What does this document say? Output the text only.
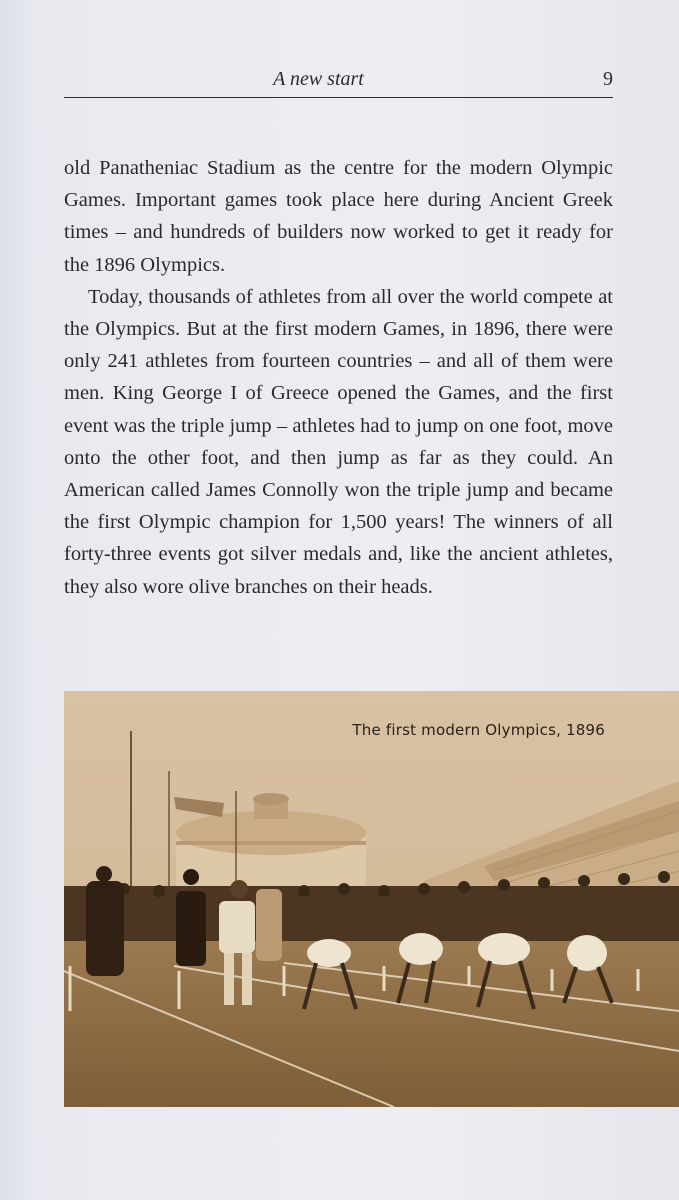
A new start	9

old Panatheniac Stadium as the centre for the modern Olympic Games. Important games took place here during Ancient Greek times – and hundreds of builders now worked to get it ready for the 1896 Olympics.

Today, thousands of athletes from all over the world compete at the Olympics. But at the first modern Games, in 1896, there were only 241 athletes from fourteen countries – and all of them were men. King George I of Greece opened the Games, and the first event was the triple jump – athletes had to jump on one foot, move onto the other foot, and then jump as far as they could. An American called James Connolly won the triple jump and became the first Olympic champion for 1,500 years! The winners of all forty-three events got silver medals and, like the ancient athletes, they also wore olive branches on their heads.

The first modern Olympics, 1896
